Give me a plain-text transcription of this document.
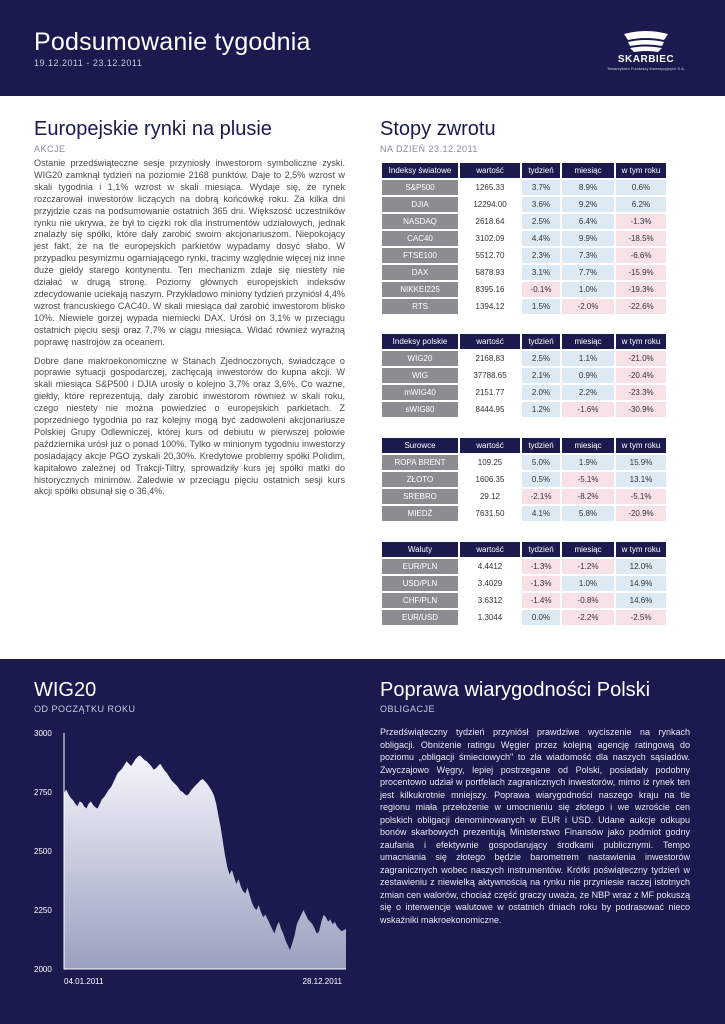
Podsumowanie tygodnia
19.12.2011 - 23.12.2011	SKARBIEC
Towarzystwo Funduszy Inwestycyjnych S.A.
Europejskie rynki na plusie
AKCJE

Ostanie przedświąteczne sesje przyniosły inwestorom symboliczne zyski. WIG20 zamknął tydzień na poziomie 2168 punktów. Daje to 2,5% wzrost w skali tygodnia i 1,1% wzrost w skali miesiąca. Wydaje się, że rynek rozczarował inwestorów liczących na dobrą końcówkę roku. Za kilka dni przyjdzie czas na podsumowanie ostatnich 365 dni. Większość uczestników rynku nie ukrywa, że był to ciężki rok dla instrumentów udziałowych, jednak znalazły się spółki, które dały zarobić swoim akcjonariuszom. Niepokojący jest fakt, że na tle europejskich parkietów wypadamy dosyć słabo. W przypadku pesymizmu ogarniającego rynki, tracimy względnie więcej niż inne duże giełdy starego kontynentu. Ten mechanizm zdaje się niestety nie działać w drugą stronę. Poziomy głównych europejskich indeksów zdecydowanie uciekają naszym. Przykładowo miniony tydzień przyniósł 4,4% wzrost francuskiego CAC40. W skali miesiąca dał zarobić inwestorom blisko 10%. Niewiele gorzej wypada niemiecki DAX. Urósł on 3,1% w przeciągu ostatnich pięciu sesji oraz 7,7% w ciągu miesiąca. Widać również wyraźną poprawę nastrojów za oceanem.

Dobre dane makroekonomiczne w Stanach Zjednoczonych, świadczące o poprawie sytuacji gospodarczej, zachęcają inwestorów do kupna akcji. W skali miesiąca S&P500 i DJIA urosły o kolejno 3,7% oraz 3,6%. Co ważne, giełdy, które reprezentują, dały zarobić inwestorom również w skali roku, czego niestety nie można powiedzieć o europejskich parkietach. Z poprzedniego tygodnia po raz kolejny mogą być zadowoleni akcjonariusze Polskiej Grupy Odlewniczej, której kurs od debiutu w pierwszej połowie października urósł już o ponad 100%. Tylko w minionym tygodniu inwestorzy posiadający akcje PGO zyskali 20,30%. Kredytowe problemy spółki Polidim, kapitałowo zależnej od Trakcji-Tiltry, sprowadziły kurs jej spółki matki do historycznych minimów. Zaledwie w przeciągu pięciu ostatnich sesji kurs akcji spółki obsunął się o 36,4%.

Stopy zwrotu
NA DZIEŃ 23.12.2011
Indeksy światowe	wartość	tydzień	miesiąc	w tym roku
S&P500	1265.33	3.7%	8.9%	0.6%
DJIA	12294.00	3.6%	9.2%	6.2%
NASDAQ	2618.64	2.5%	6.4%	-1.3%
CAC40	3102.09	4.4%	9.9%	-18.5%
FTSE100	5512.70	2.3%	7.3%	-6.6%
DAX	5878.93	3.1%	7.7%	-15.9%
NIKKEI225	8395.16	-0.1%	1.0%	-19.3%
RTS	1394.12	1.5%	-2.0%	-22.6%
Indeksy polskie	wartość	tydzień	miesiąc	w tym roku
WIG20	2168.83	2.5%	1.1%	-21.0%
WIG	37788.65	2.1%	0.9%	-20.4%
mWIG40	2151.77	2.0%	2.2%	-23.3%
sWIG80	8444.95	1.2%	-1.6%	-30.9%
Surowce	wartość	tydzień	miesiąc	w tym roku
ROPA BRENT	109.25	5.0%	1.9%	15.9%
ZŁOTO	1606.35	0.5%	-5.1%	13.1%
SREBRO	29.12	-2.1%	-8.2%	-5.1%
MIEDŹ	7631.50	4.1%	5.8%	-20.9%
Waluty	wartość	tydzień	miesiąc	w tym roku
EUR/PLN	4.4412	-1.3%	-1.2%	12.0%
USD/PLN	3.4029	-1.3%	1.0%	14.9%
CHF/PLN	3.6312	-1.4%	-0.8%	14.6%
EUR/USD	1.3044	0.0%	-2.2%	-2.5%
WIG20
OD POCZĄTKU ROKU
Poprawa wiarygodności Polski
OBLIGACJE

Przedświąteczny tydzień przyniósł prawdziwe wyciszenie na rynkach obligacji. Obniżenie ratingu Węgier przez kolejną agencję ratingową do poziomu „obligacji śmieciowych" to zła wiadomość dla naszych sąsiadów. Zwyczajowo Węgry, lepiej postrzegane od Polski, posiadały podobny procentowo udział w portfelach zagranicznych inwestorów, mimo iż rynek ten jest kilkukrotnie mniejszy. Poprawa wiarygodności naszego kraju na tle regionu miała przełożenie w umocnieniu się złotego i we wzroście cen polskich obligacji denominowanych w EUR i USD. Udane aukcje odkupu bonów skarbowych prezentują Ministerstwo Finansów jako podmiot godny zaufania i efektywnie gospodarujący środkami publicznymi. Tempo umacniania się złotego będzie barometrem nastawienia inwestorów zagranicznych wobec naszych instrumentów. Krótki poświąteczny tydzień w zestawieniu z niewielką aktywnością na rynku nie przyniesie raczej istotnych zmian cen walorów, chociaż część graczy uważa, że NBP wraz z MF pokuszą się o interwencje walutowe w ostatnich dniach roku by podrasować nieco wskaźniki makroekonomiczne.

3000
2750
2500
2250
2000
04.01.2011	28.12.2011
